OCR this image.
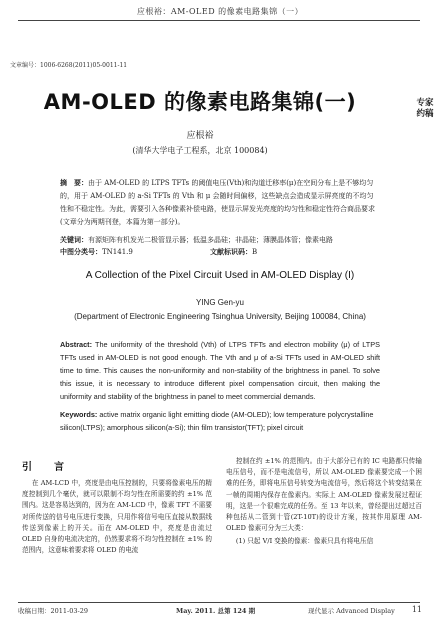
应根裕：AM-OLED 的像素电路集锦（一）
文章编号：1006-6268(2011)05-0011-11
AM-OLED 的像素电路集锦(一)	专家约稿
应根裕
(清华大学电子工程系，北京 100084)
摘　要：由于 AM-OLED 的 LTPS TFTs 的阈值电压(Vth)和沟道迁移率(μ)在空间分布上是不够均匀的，用于 AM-OLED 的 a-Si TFTs 的 Vth 和 μ 会随时间偏移，这些缺点会造成显示屏亮度的不均匀性和不稳定性。为此，需要引入各种像素补偿电路，使显示屏发光亮度的均匀性和稳定性符合商品要求(文章分为两期刊登，本篇为第一部分)。
关键词：有源矩阵有机发光二极管显示器；低温多晶硅；非晶硅；薄膜晶体管；像素电路
中图分类号：TN141.9	文献标识码：B
A Collection of the Pixel Circuit Used in AM-OLED Display (I)
YING Gen-yu
(Department of Electronic Engineering Tsinghua University, Beijing 100084, China)
Abstract: The uniformity of the threshold (Vth) of LTPS TFTs and electron mobility (μ) of LTPS TFTs used in AM-OLED is not good enough. The Vth and μ of a-Si TFTs used in AM-OLED shift time to time. This causes the non-uniformity and non-stability of the brightness in panel. To solve this issue, it is necessary to introduce different pixel compensation circuit, then making the uniformity and stability of the brightness in panel to meet commercial demands.
Keywords: active matrix organic light emitting diode (AM-OLED); low temperature polycrystalline silicon(LTPS); amorphous silicon(a-Si); thin film transistor(TFT); pixel circuit
引　言

在 AM-LCD 中，亮度是由电压控制的，只要将像素电压的精度控制到几个毫伏，就可以限制不均匀性在所需要的约 ±1% 范围内。这是容易达到的，因为在 AM-LCD 中，像素 TFT 不需要对所传送的信号电压进行变换，只用作将信号电压直接从数据线传送到像素上的开关。而在 AM-OLED 中，亮度是由流过 OLED 自身的电流决定的，仍然要求将不均匀性控制在 ±1% 的范围内，这意味着要求将 OLED 的电流

控制在约 ±1% 的范围内。由于大部分已有的 IC 电路都只传输电压信号，而不是电流信号，所以 AM-OLED 像素要完成一个困难的任务，即将电压信号转变为电流信号，然后将这个转变结果在一帧的周期内保存在像素内。实际上 AM-OLED 像素发展过程证明，这是一个很难完成的任务。至 13 年以来，曾经提出过超过百种包括从二管到十管(2T-10T)的设计方案，按其作用原理 AM-OLED 像素可分为三大类：

(1) 只起 V/I 变换的像素：像素只具有将电压信

收稿日期：2011-03-29	May. 2011. 总第 124 期	现代显示 Advanced Display 11
